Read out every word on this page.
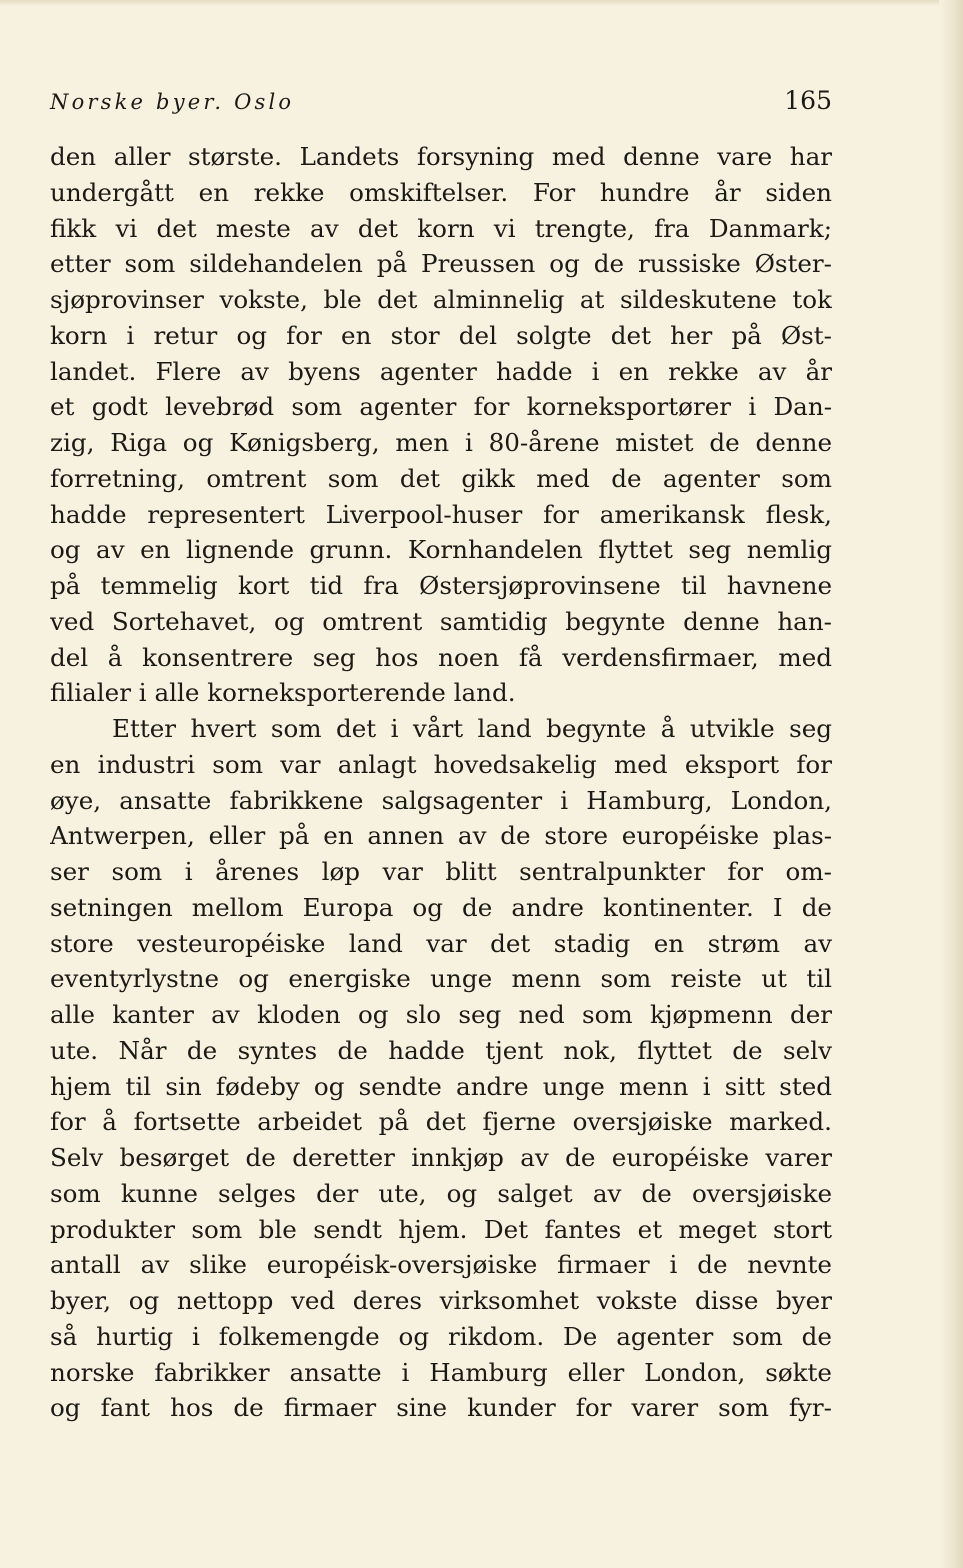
Norske byer. Oslo	165
den aller største. Landets forsyning med denne vare har
undergått en rekke omskiftelser. For hundre år siden
fikk vi det meste av det korn vi trengte, fra Danmark;
etter som sildehandelen på Preussen og de russiske Øster-
sjøprovinser vokste, ble det alminnelig at sildeskutene tok
korn i retur og for en stor del solgte det her på Øst-
landet. Flere av byens agenter hadde i en rekke av år
et godt levebrød som agenter for korneksportører i Dan-
zig, Riga og Kønigsberg, men i 80-årene mistet de denne
forretning, omtrent som det gikk med de agenter som
hadde representert Liverpool-huser for amerikansk flesk,
og av en lignende grunn. Kornhandelen flyttet seg nemlig
på temmelig kort tid fra Østersjøprovinsene til havnene
ved Sortehavet, og omtrent samtidig begynte denne han-
del å konsentrere seg hos noen få verdensfirmaer, med
filialer i alle korneksporterende land.
Etter hvert som det i vårt land begynte å utvikle seg
en industri som var anlagt hovedsakelig med eksport for
øye, ansatte fabrikkene salgsagenter i Hamburg, London,
Antwerpen, eller på en annen av de store européiske plas-
ser som i årenes løp var blitt sentralpunkter for om-
setningen mellom Europa og de andre kontinenter. I de
store vesteuropéiske land var det stadig en strøm av
eventyrlystne og energiske unge menn som reiste ut til
alle kanter av kloden og slo seg ned som kjøpmenn der
ute. Når de syntes de hadde tjent nok, flyttet de selv
hjem til sin fødeby og sendte andre unge menn i sitt sted
for å fortsette arbeidet på det fjerne oversjøiske marked.
Selv besørget de deretter innkjøp av de européiske varer
som kunne selges der ute, og salget av de oversjøiske
produkter som ble sendt hjem. Det fantes et meget stort
antall av slike européisk-oversjøiske firmaer i de nevnte
byer, og nettopp ved deres virksomhet vokste disse byer
så hurtig i folkemengde og rikdom. De agenter som de
norske fabrikker ansatte i Hamburg eller London, søkte
og fant hos de firmaer sine kunder for varer som fyr-
